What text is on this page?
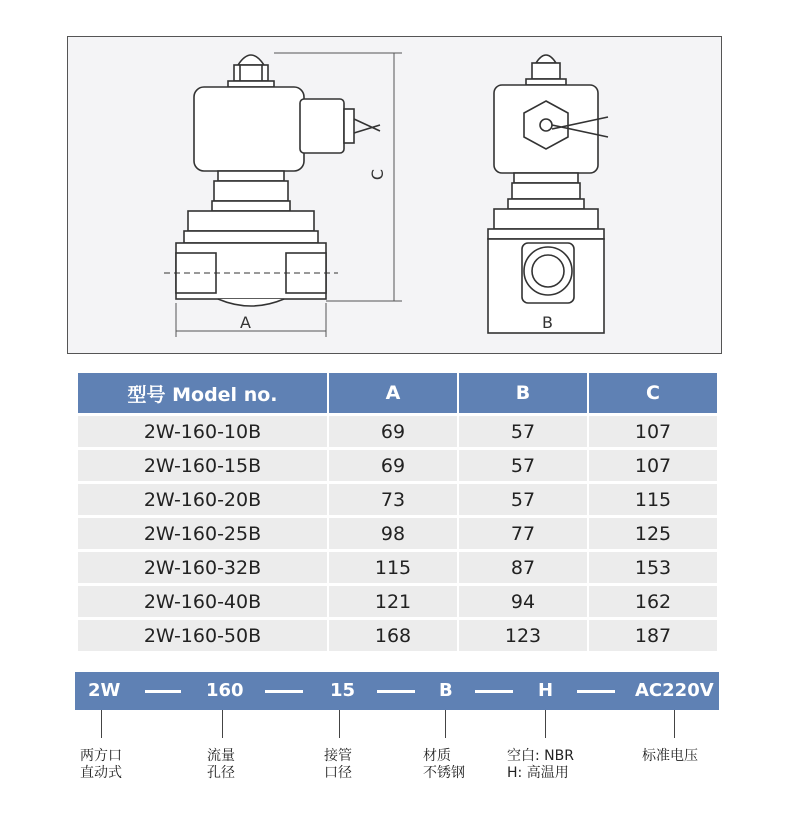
A	B
C
型号 Model no.	A	B	C
2W-160-10B	69	57	107
2W-160-15B	69	57	107
2W-160-20B	73	57	115
2W-160-25B	98	77	125
2W-160-32B	115	87	153
2W-160-40B	121	94	162
2W-160-50B	168	123	187
2W	160	15	B	H	AC220V
两方口
直动式
流量
孔径
接管
口径
材质
不锈钢
空白: NBR
H: 高温用
标准电压
